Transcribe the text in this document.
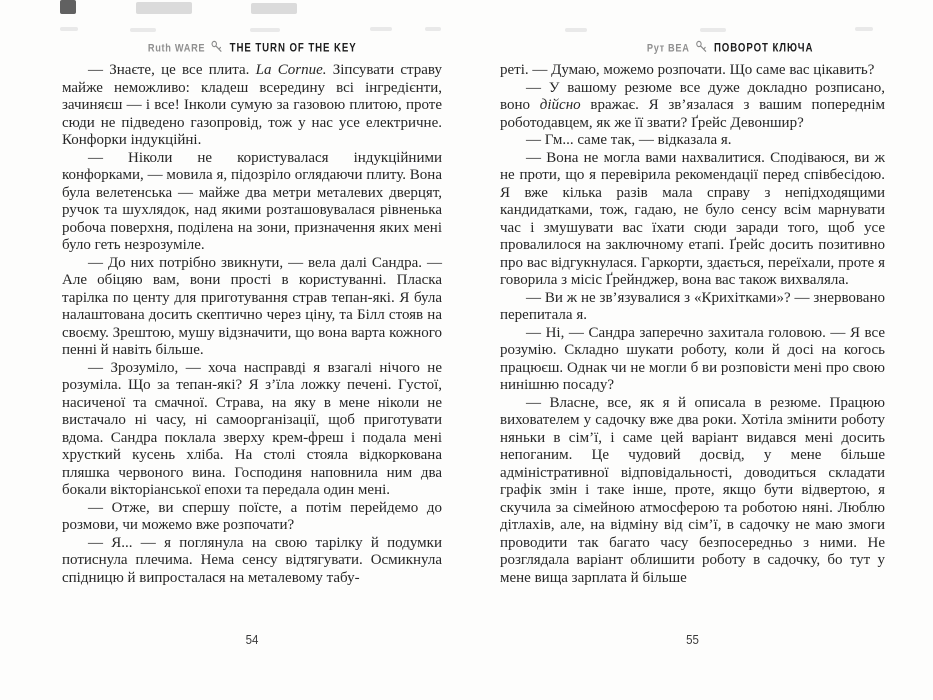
Ruth WARE THE TURN OF THE KEY

— Знаєте, це все плита. La Cornue. Зіпсувати страву майже неможливо: кладеш всередину всі інгредієнти, зачиняєш — і все! Інколи сумую за газовою плитою, проте сюди не підведено газопровід, тож у нас усе електричне. Конфорки індукційні.

— Ніколи не користувалася індукційними конфорками, — мовила я, підозріло оглядаючи плиту. Вона була велетенська — майже два метри металевих дверцят, ручок та шухлядок, над якими розташовувалася рівненька робоча поверхня, поділена на зони, призначення яких мені було геть незрозуміле.

— До них потрібно звикнути, — вела далі Сандра. — Але обіцяю вам, вони прості в користуванні. Пласка тарілка по центу для приготування страв тепан-які. Я була налаштована досить скептично через ціну, та Білл стояв на своєму. Зрештою, мушу відзначити, що вона варта кожного пенні й навіть більше.

— Зрозуміло, — хоча насправді я взагалі нічого не розуміла. Що за тепан-які? Я з’їла ложку печені. Густої, насиченої та смачної. Страва, на яку в мене ніколи не вистачало ні часу, ні самоорганізації, щоб приготувати вдома. Сандра поклала зверху крем-фреш і подала мені хрусткий кусень хліба. На столі стояла відкоркована пляшка червоного вина. Господиня наповнила ним два бокали вікторіанської епохи та передала один мені.

— Отже, ви спершу поїсте, а потім перейдемо до розмови, чи можемо вже розпочати?

— Я... — я поглянула на свою тарілку й подумки потиснула плечима. Нема сенсу відтягувати. Осмикнула спідницю й випросталася на металевому табу-

54
Рут ВЕА ПОВОРОТ КЛЮЧА

реті. — Думаю, можемо розпочати. Що саме вас цікавить?

— У вашому резюме все дуже докладно розписано, воно дійсно вражає. Я зв’язалася з вашим попереднім роботодавцем, як же її звати? Ґрейс Девоншир?

— Гм... саме так, — відказала я.

— Вона не могла вами нахвалитися. Сподіваюся, ви ж не проти, що я перевірила рекомендації перед співбесідою. Я вже кілька разів мала справу з непідходящими кандидатками, тож, гадаю, не було сенсу всім марнувати час і змушувати вас їхати сюди заради того, щоб усе провалилося на заключному етапі. Ґрейс досить позитивно про вас відгукнулася. Гаркорти, здається, переїхали, проте я говорила з місіс Ґрейнджер, вона вас також вихваляла.

— Ви ж не зв’язувалися з «Крихітками»? — знервовано перепитала я.

— Ні, — Сандра заперечно захитала головою. — Я все розумію. Складно шукати роботу, коли й досі на когось працюєш. Однак чи не могли б ви розповісти мені про свою нинішню посаду?

— Власне, все, як я й описала в резюме. Працюю вихователем у садочку вже два роки. Хотіла змінити роботу няньки в сім’ї, і саме цей варіант видався мені досить непоганим. Це чудовий досвід, у мене більше адміністративної відповідальності, доводиться складати графік змін і таке інше, проте, якщо бути відвертою, я скучила за сімейною атмосферою та роботою няні. Люблю дітлахів, але, на відміну від сім’ї, в садочку не маю змоги проводити так багато часу безпосередньо з ними. Не розглядала варіант облишити роботу в садочку, бо тут у мене вища зарплата й більше

55
